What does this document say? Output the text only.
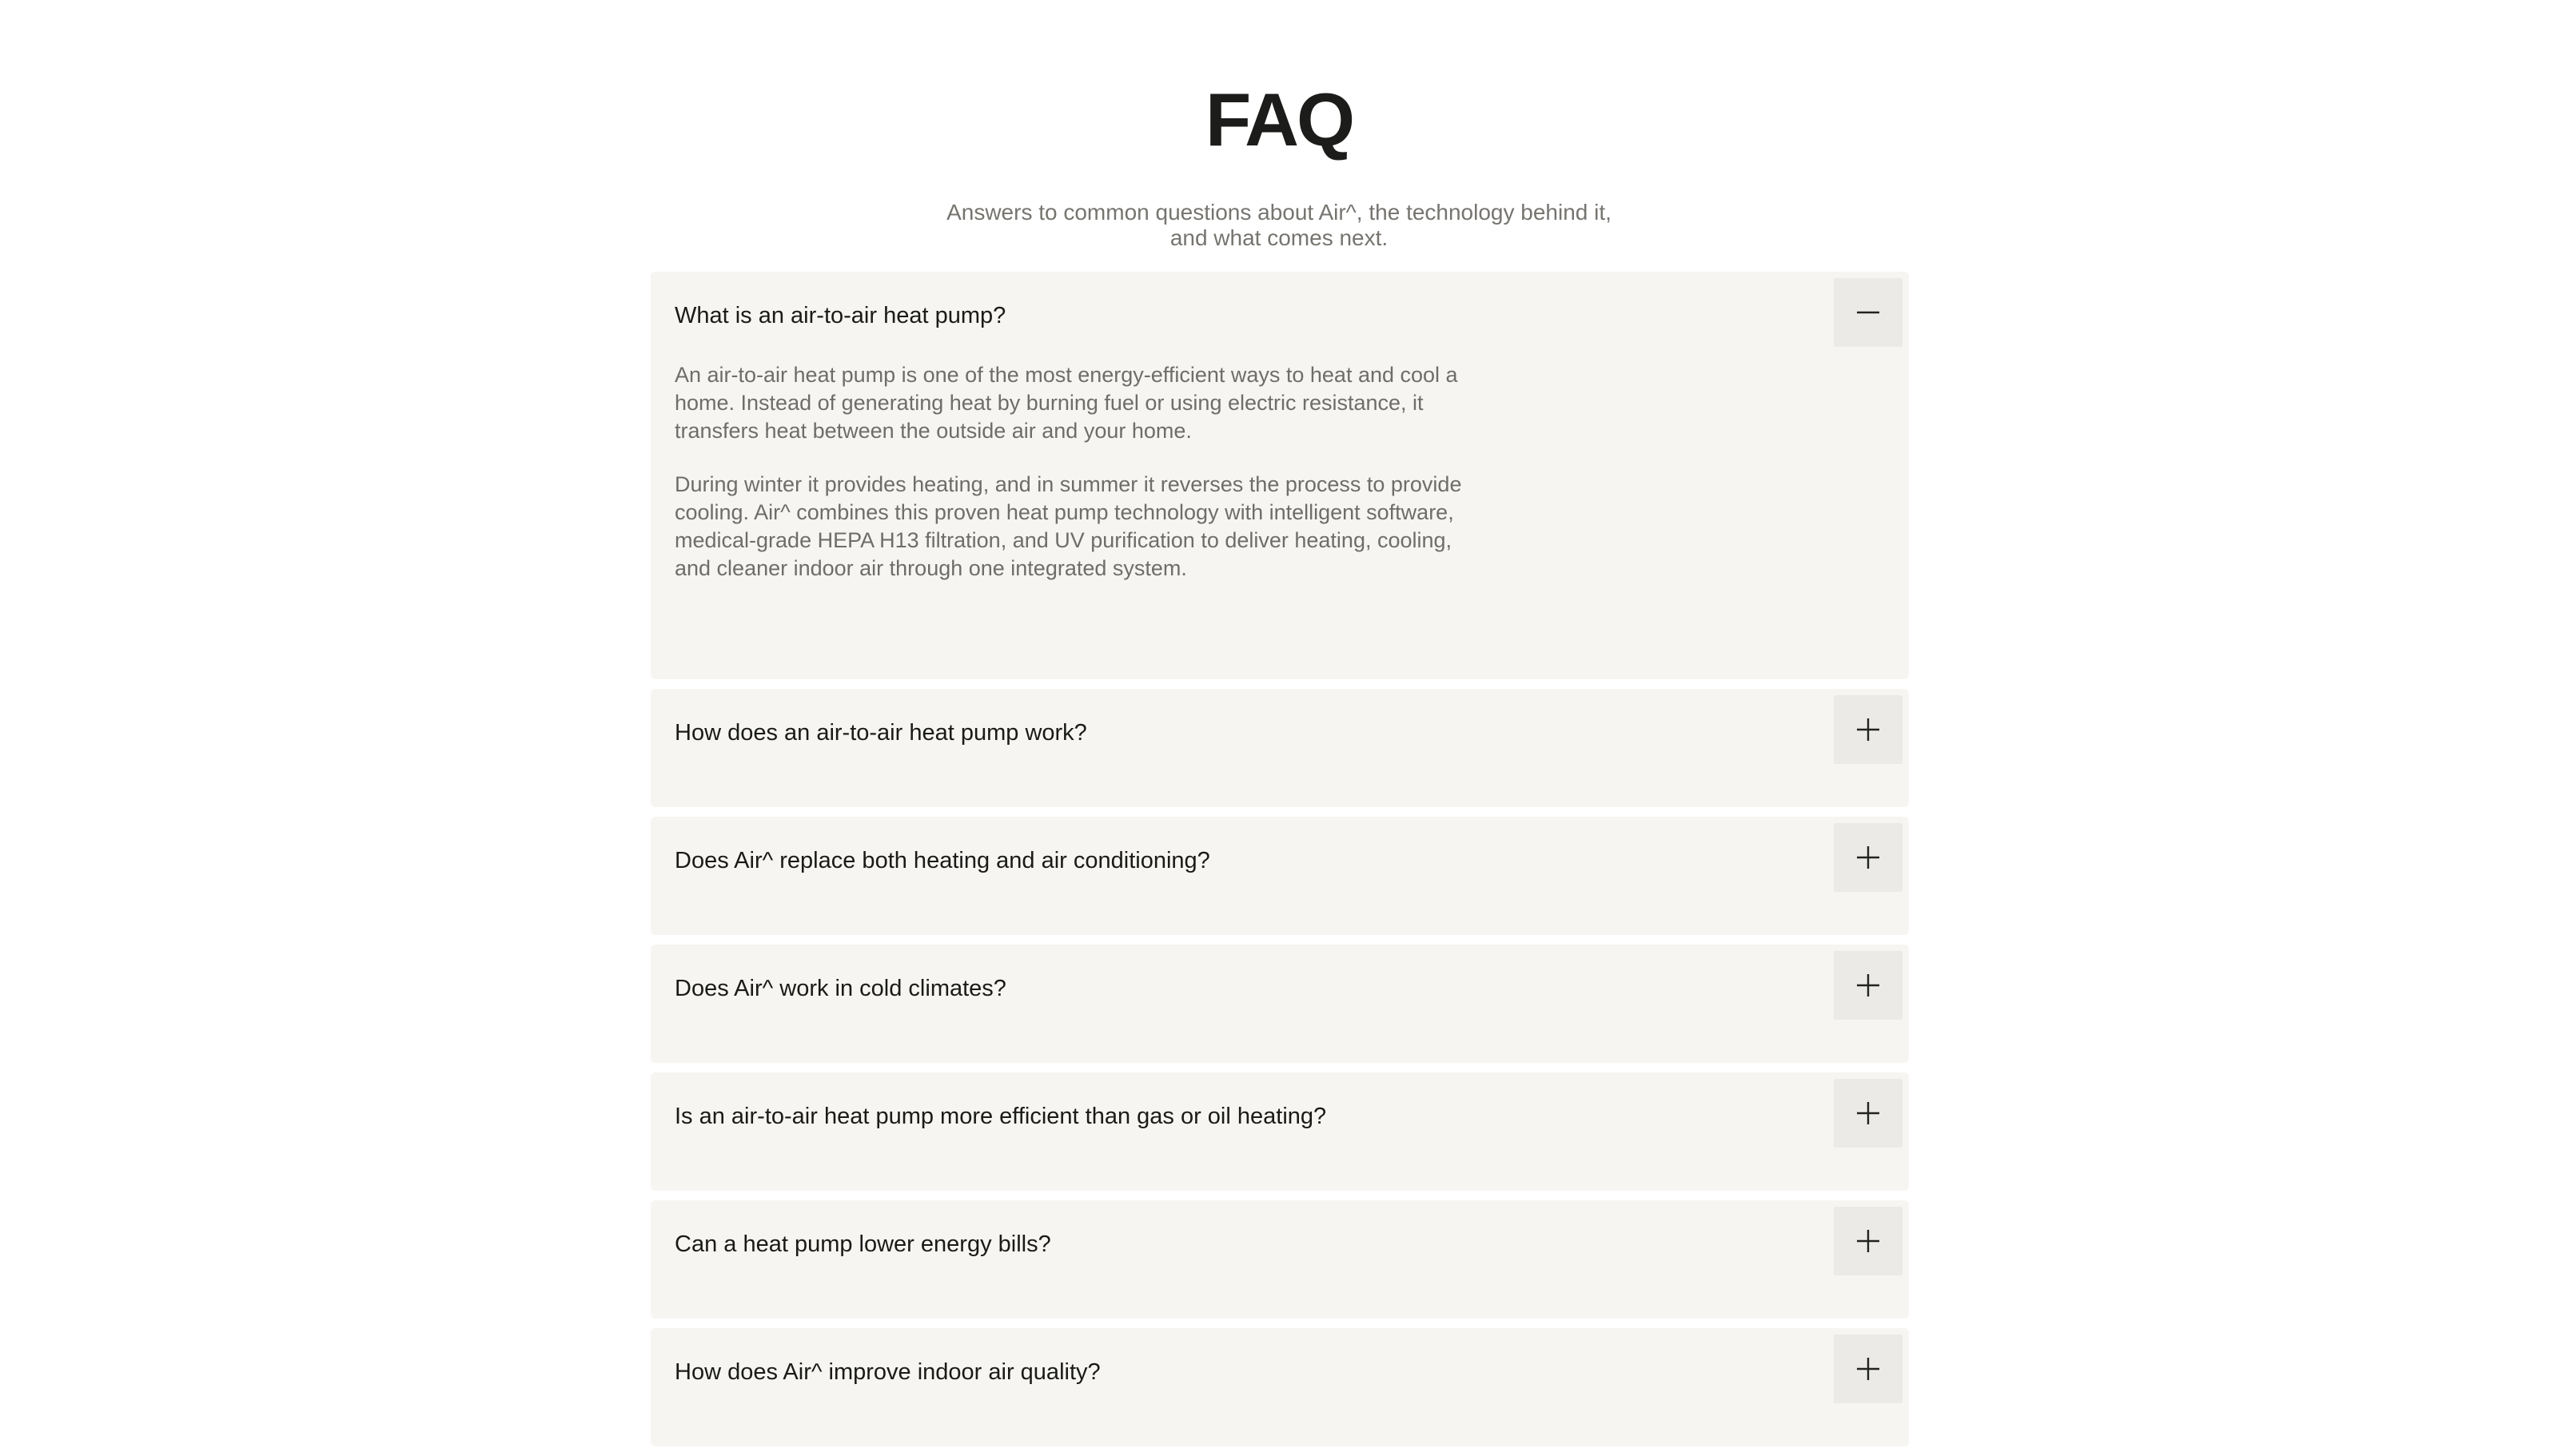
FAQ

Answers to common questions about Air^, the technology behind it, and what comes next.

What is an air-to-air heat pump?

An air-to-air heat pump is one of the most energy-efficient ways to heat and cool a home. Instead of generating heat by burning fuel or using electric resistance, it transfers heat between the outside air and your home.

During winter it provides heating, and in summer it reverses the process to provide cooling. Air^ combines this proven heat pump technology with intelligent software, medical-grade HEPA H13 filtration, and UV purification to deliver heating, cooling, and cleaner indoor air through one integrated system.

How does an air-to-air heat pump work?
Does Air^ replace both heating and air conditioning?
Does Air^ work in cold climates?
Is an air-to-air heat pump more efficient than gas or oil heating?
Can a heat pump lower energy bills?
How does Air^ improve indoor air quality?
